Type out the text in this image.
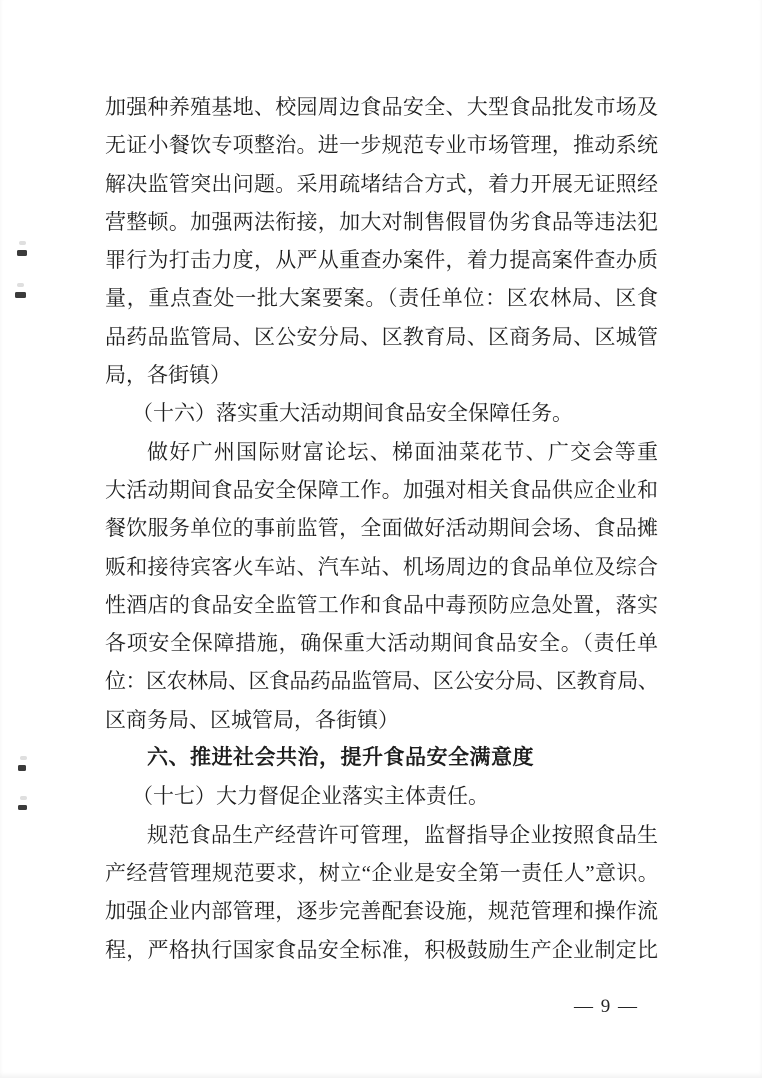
加强种养殖基地、校园周边食品安全、大型食品批发市场及
无证小餐饮专项整治。进一步规范专业市场管理，推动系统
解决监管突出问题。采用疏堵结合方式，着力开展无证照经
营整顿。加强两法衔接，加大对制售假冒伪劣食品等违法犯
罪行为打击力度，从严从重查办案件，着力提高案件查办质
量，重点查处一批大案要案。（责任单位：区农林局、区食
品药品监管局、区公安分局、区教育局、区商务局、区城管
局，各街镇）

（十六）落实重大活动期间食品安全保障任务。

做好广州国际财富论坛、梯面油菜花节、广交会等重
大活动期间食品安全保障工作。加强对相关食品供应企业和
餐饮服务单位的事前监管，全面做好活动期间会场、食品摊
贩和接待宾客火车站、汽车站、机场周边的食品单位及综合
性酒店的食品安全监管工作和食品中毒预防应急处置，落实
各项安全保障措施，确保重大活动期间食品安全。（责任单
位：区农林局、区食品药品监管局、区公安分局、区教育局、
区商务局、区城管局，各街镇）

六、推进社会共治，提升食品安全满意度

（十七）大力督促企业落实主体责任。

规范食品生产经营许可管理，监督指导企业按照食品生
产经营管理规范要求，树立“企业是安全第一责任人”意识。
加强企业内部管理，逐步完善配套设施，规范管理和操作流
程，严格执行国家食品安全标准，积极鼓励生产企业制定比

— 9 —
